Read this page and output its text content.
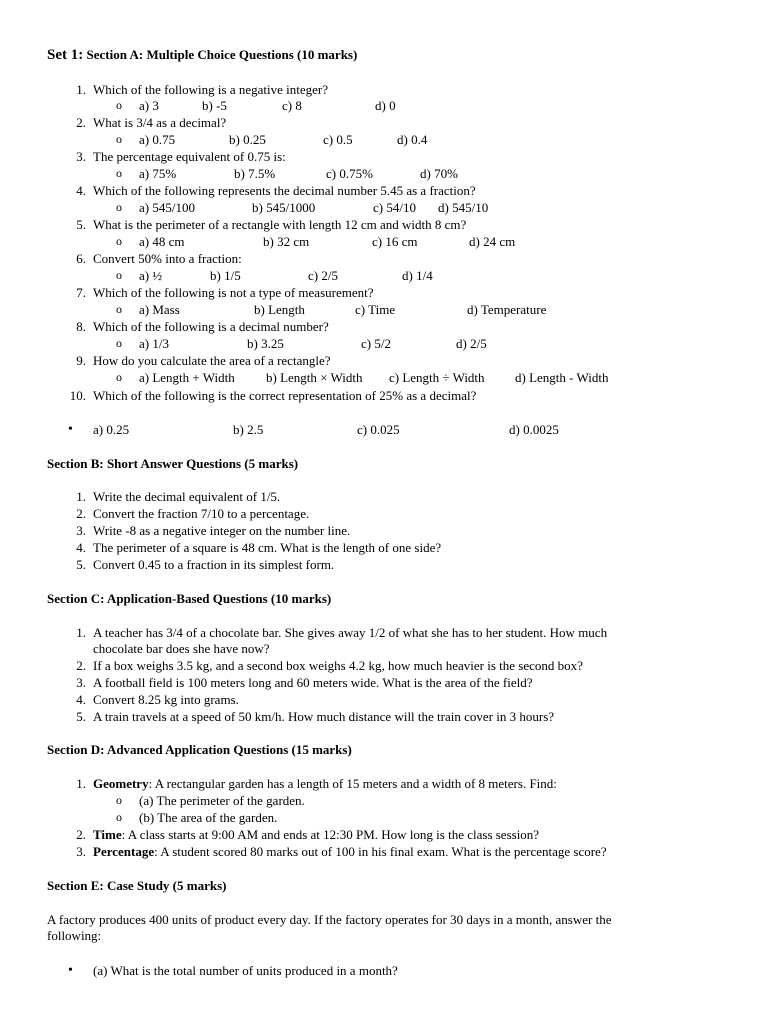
Set 1: Section A: Multiple Choice Questions (10 marks)
1. Which of the following is a negative integer?
o a) 3	b) -5	c) 8	d) 0
2. What is 3/4 as a decimal?
o a) 0.75	b) 0.25	c) 0.5	d) 0.4
3. The percentage equivalent of 0.75 is:
o a) 75%	b) 7.5%	c) 0.75%	d) 70%
4. Which of the following represents the decimal number 5.45 as a fraction?
o a) 545/100	b) 545/1000	c) 54/10 d) 545/10
5. What is the perimeter of a rectangle with length 12 cm and width 8 cm?
o a) 48 cm	b) 32 cm	c) 16 cm	d) 24 cm
6. Convert 50% into a fraction:
o a) ½	b) 1/5	c) 2/5	d) 1/4
7. Which of the following is not a type of measurement?
o a) Mass	b) Length	c) Time	d) Temperature
8. Which of the following is a decimal number?
o a) 1/3	b) 3.25	c) 5/2	d) 2/5
9. How do you calculate the area of a rectangle?
o a) Length + Width b) Length × Width c) Length ÷ Width d) Length - Width
10. Which of the following is the correct representation of 25% as a decimal?
• a) 0.25	b) 2.5	c) 0.025	d) 0.0025
Section B: Short Answer Questions (5 marks)
1. Write the decimal equivalent of 1/5.
2. Convert the fraction 7/10 to a percentage.
3. Write -8 as a negative integer on the number line.
4. The perimeter of a square is 48 cm. What is the length of one side?
5. Convert 0.45 to a fraction in its simplest form.
Section C: Application-Based Questions (10 marks)
1. A teacher has 3/4 of a chocolate bar. She gives away 1/2 of what she has to her student. How much
chocolate bar does she have now?
2. If a box weighs 3.5 kg, and a second box weighs 4.2 kg, how much heavier is the second box?
3. A football field is 100 meters long and 60 meters wide. What is the area of the field?
4. Convert 8.25 kg into grams.
5. A train travels at a speed of 50 km/h. How much distance will the train cover in 3 hours?
Section D: Advanced Application Questions (15 marks)
1. Geometry: A rectangular garden has a length of 15 meters and a width of 8 meters. Find:
o (a) The perimeter of the garden.
o (b) The area of the garden.
2. Time: A class starts at 9:00 AM and ends at 12:30 PM. How long is the class session?
3. Percentage: A student scored 80 marks out of 100 in his final exam. What is the percentage score?
Section E: Case Study (5 marks)
A factory produces 400 units of product every day. If the factory operates for 30 days in a month, answer the
following:
• (a) What is the total number of units produced in a month?
